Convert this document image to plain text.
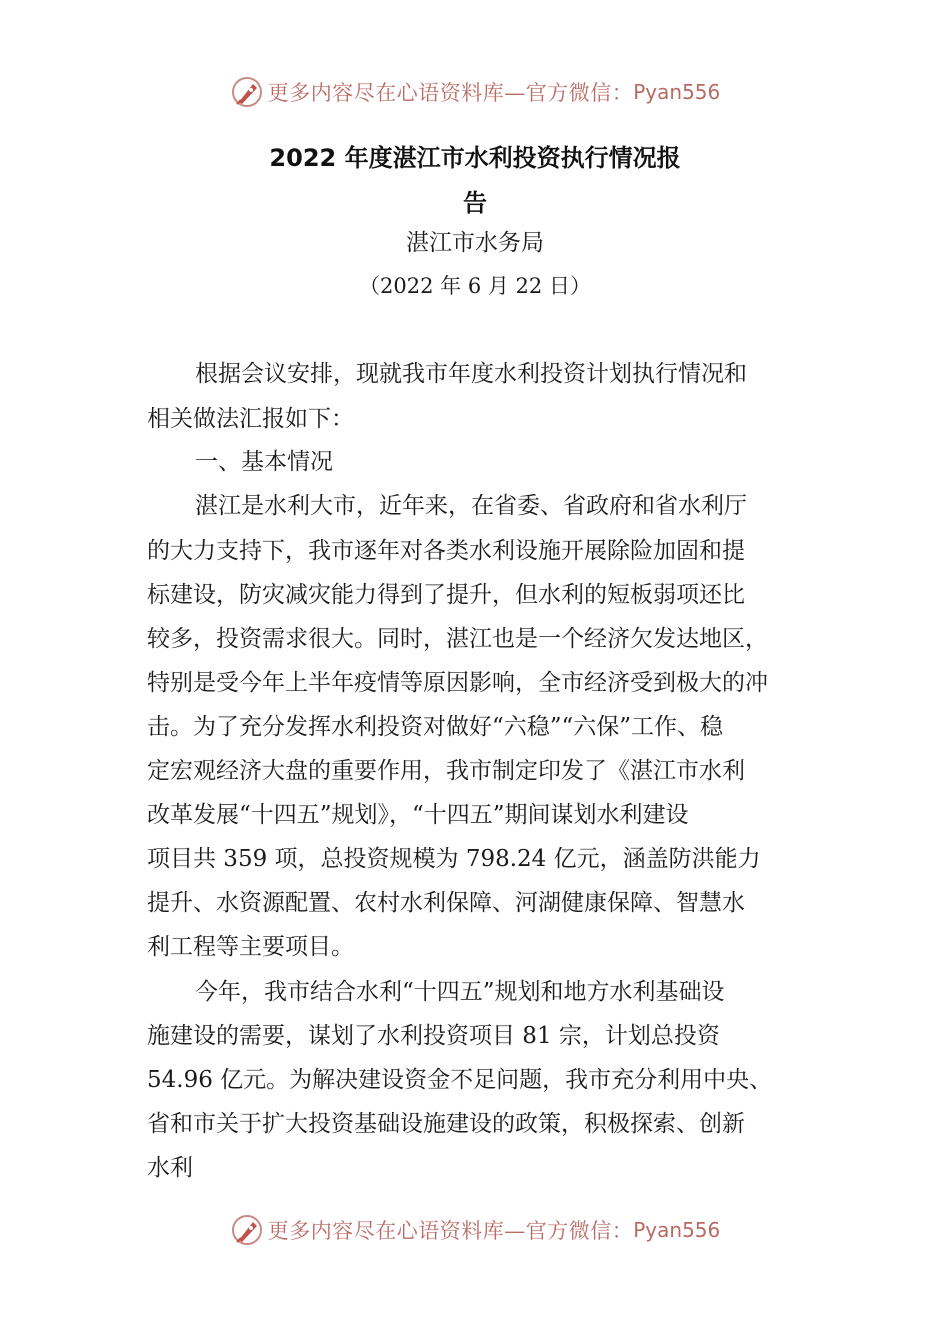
更多内容尽在心语资料库—官方微信： Pyan556
2022 年度湛江市水利投资执行情况报
告
湛江市水务局
（2022 年 6 月 22 日）
根据会议安排，现就我市年度水利投资计划执行情况和
相关做法汇报如下：
一、基本情况
湛江是水利大市，近年来，在省委、省政府和省水利厅
的大力支持下，我市逐年对各类水利设施开展除险加固和提
标建设，防灾减灾能力得到了提升，但水利的短板弱项还比
较多，投资需求很大。同时，湛江也是一个经济欠发达地区，
特别是受今年上半年疫情等原因影响，全市经济受到极大的冲
击。为了充分发挥水利投资对做好“六稳”“六保”工作、稳
定宏观经济大盘的重要作用，我市制定印发了《湛江市水利
改革发展“十四五”规划》，“十四五”期间谋划水利建设
项目共 359 项，总投资规模为 798.24 亿元，涵盖防洪能力
提升、水资源配置、农村水利保障、河湖健康保障、智慧水
利工程等主要项目。
今年，我市结合水利“十四五”规划和地方水利基础设
施建设的需要，谋划了水利投资项目 81 宗，计划总投资
54.96 亿元。为解决建设资金不足问题，我市充分利用中央、
省和市关于扩大投资基础设施建设的政策，积极探索、创新
水利
更多内容尽在心语资料库—官方微信： Pyan556
